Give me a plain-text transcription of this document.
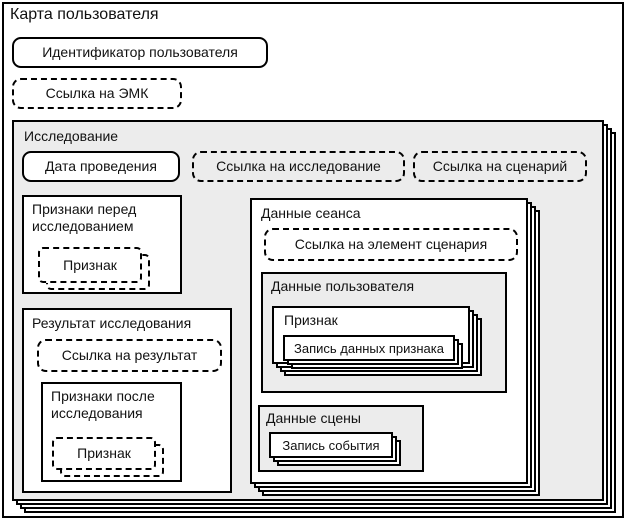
Карта пользователя
Идентификатор пользователя
Ссылка на ЭМК
Исследование
Дата проведения	Ссылка на исследование	Ссылка на сценарий
Признаки перед исследованием
Признак
Результат исследования
Ссылка на результат
Признаки после исследования
Признак
Данные сеанса
Ссылка на элемент сценария
Данные пользователя
Признак
Запись данных признака
Данные сцены
Запись события
